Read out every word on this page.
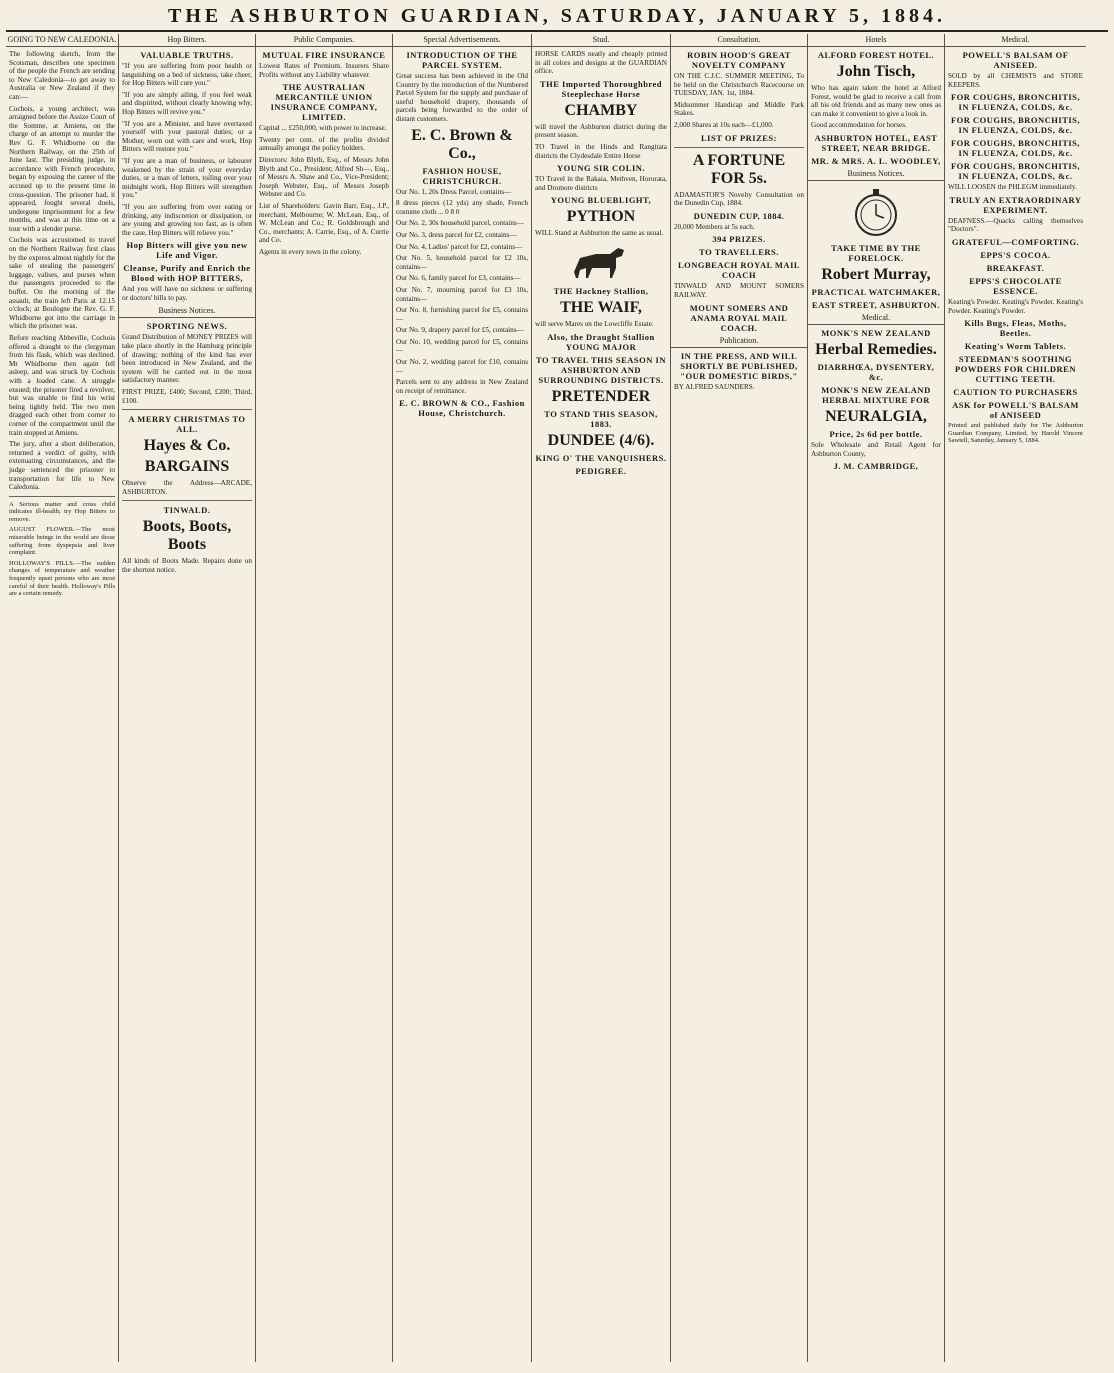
THE ASHBURTON GUARDIAN, SATURDAY, JANUARY 5, 1884.
GOING TO NEW CALEDONIA.

The following sketch, from the Scotsman, describes one specimen of the people the French are sending to New Caledonia—to get away to Australia or New Zealand if they can:—

Cochois, a young architect, was arraigned before the Assize Court of the Somme, at Amiens, on the charge of an attempt to murder the Rev G. F. Whidborne on the Northern Railway, on the 25th of June last. The presiding judge, in accordance with French procedure, began by exposing the career of the accused up to the present time in cross-question. The prisoner had, it appeared, fought several duels, undergone imprisonment for a few months, and was at this time on a tour with a slender purse.

Cochois was accustomed to travel on the Northern Railway first class by the express almost nightly for the sake of stealing the passengers' luggage, valises, and purses when the passengers proceeded to the buffet. On the morning of the assault, the train left Paris at 12.15 o'clock; at Boulogne the Rev. G. F. Whidborne got into the carriage in which the prisoner was.

Before reaching Abbeville, Cochois offered a draught to the clergyman from his flask, which was declined. Mr Whidborne then again fell asleep, and was struck by Cochois with a loaded cane. A struggle ensued; the prisoner fired a revolver, but was unable to find his wrist being tightly held. The two men dragged each other from corner to corner of the compartment until the train stopped at Amiens.

The jury, after a short deliberation, returned a verdict of guilty, with extenuating circumstances, and the judge sentenced the prisoner to transportation for life to New Caledonia.

A Serious matter and cross child indicates ill-health; try Hop Bitters to remove.

AUGUST FLOWER.—The most miserable beings in the world are those suffering from dyspepsia and liver complaint.

HOLLOWAY'S PILLS.—The sudden changes of temperature and weather frequently upset persons who are most careful of their health. Holloway's Pills are a certain remedy.

Hop Bitters.
VALUABLE TRUTHS.

"If you are suffering from poor health or languishing on a bed of sickness, take cheer, for Hop Bitters will cure you."

"If you are simply ailing, if you feel weak and dispirited, without clearly knowing why, Hop Bitters will revive you."

"If you are a Minister, and have overtaxed yourself with your pastoral duties; or a Mother, worn out with care and work, Hop Bitters will restore you."

"If you are a man of business, or labourer weakened by the strain of your everyday duties, or a man of letters, toiling over your midnight work, Hop Bitters will strengthen you."

"If you are suffering from over eating or drinking, any indiscretion or dissipation, or are young and growing too fast, as is often the case, Hop Bitters will relieve you."

Hop Bitters will give you new Life and Vigor.
Cleanse, Purify and Enrich the Blood with HOP BITTERS,

And you will have no sickness or suffering or doctors' bills to pay.

Business Notices.
SPORTING NEWS.

Grand Distribution of MONEY PRIZES will take place shortly in the Hamburg principle of drawing; nothing of the kind has ever been introduced in New Zealand, and the system will be carried out in the most satisfactory manner.

FIRST PRIZE, £400; Second, £200; Third, £100.

A MERRY CHRISTMAS TO ALL.
Hayes & Co.
BARGAINS

Observe the Address—ARCADE, ASHBURTON.

TINWALD.
Boots, Boots, Boots

All kinds of Boots Made. Repairs done on the shortest notice.

Public Companies.
MUTUAL FIRE INSURANCE

Lowest Rates of Premium. Insurers Share Profits without any Liability whatever.

THE AUSTRALIAN MERCANTILE UNION INSURANCE COMPANY, LIMITED.

Capital ... £250,000, with power to increase.

Twenty per cent. of the profits divided annually amongst the policy holders.

Directors: John Blyth, Esq., of Messrs John Blyth and Co., President; Alfred Sh—, Esq., of Messrs A. Shaw and Co., Vice-President; Joseph Webster, Esq., of Messrs Joseph Webster and Co.

List of Shareholders: Gavin Barr, Esq., J.P., merchant, Melbourne; W. McLean, Esq., of W. McLean and Co.; R. Goldsbrough and Co., merchants; A. Carrie, Esq., of A. Currie and Co.

Agents in every town in the colony.

Special Advertisements.
INTRODUCTION OF THE PARCEL SYSTEM.

Great success has been achieved in the Old Country by the introduction of the Numbered Parcel System for the supply and purchase of useful household drapery, thousands of parcels being forwarded to the order of distant customers.

E. C. Brown & Co.,
FASHION HOUSE, CHRISTCHURCH.

Our No. 1, 20s Dress Parcel, contains—

8 dress pieces (12 yds) any shade, French costume cloth ... 0 8 0

Our No. 2, 30s household parcel, contains—

Our No. 3, dress parcel for £2, contains—

Our No. 4, Ladies' parcel for £2, contains—

Our No. 5, household parcel for £2 10s, contains—

Our No. 6, family parcel for £3, contains—

Our No. 7, mourning parcel for £3 10s, contains—

Our No. 8, furnishing parcel for £5, contains—

Our No. 9, drapery parcel for £5, contains—

Our No. 10, wedding parcel for £5, contains—

Our No. 2, wedding parcel for £10, contains—

Parcels sent to any address in New Zealand on receipt of remittance.

E. C. BROWN & CO., Fashion House, Christchurch.
Stud.

HORSE CARDS neatly and cheaply printed in all colors and designs at the GUARDIAN office.

THE Imported Thoroughbred Steeplechase Horse
CHAMBY

will travel the Ashburton district during the present season.

TO Travel in the Hinds and Rangitata districts the Clydesdale Entire Horse

YOUNG SIR COLIN.

TO Travel in the Rakaia, Methven, Hororata, and Dromore districts

YOUNG BLUEBLIGHT,
PYTHON

WILL Stand at Ashburton the same as usual.

THE Hackney Stallion,
THE WAIF,

will serve Mares on the Lowcliffe Estate.

Also, the Draught Stallion YOUNG MAJOR
TO TRAVEL THIS SEASON IN ASHBURTON AND SURROUNDING DISTRICTS.
PRETENDER
TO STAND THIS SEASON, 1883.
DUNDEE (4/6).
KING O' THE VANQUISHERS.
PEDIGREE.
Consultation.
ROBIN HOOD'S GREAT NOVELTY COMPANY

ON THE C.J.C. SUMMER MEETING, To be held on the Christchurch Racecourse on TUESDAY, JAN. 1st, 1884.

Midsummer Handicap and Middle Park Stakes.

2,000 Shares at 10s each—£1,000.

LIST OF PRIZES:
A FORTUNE FOR 5s.

ADAMASTOR'S Novelty Consultation on the Dunedin Cup, 1884.

DUNEDIN CUP, 1884.

20,000 Members at 5s each.

394 PRIZES.
TO TRAVELLERS.
LONGBEACH ROYAL MAIL COACH

TINWALD AND MOUNT SOMERS RAILWAY.

MOUNT SOMERS AND ANAMA ROYAL MAIL COACH.
Publication.
IN THE PRESS, AND WILL SHORTLY BE PUBLISHED, "OUR DOMESTIC BIRDS,"

BY ALFRED SAUNDERS.

Hotels
ALFORD FOREST HOTEL.
John Tisch,

Who has again taken the hotel at Alford Forest, would be glad to receive a call from all his old friends and as many new ones as can make it convenient to give a look in.

Good accommodation for horses.

ASHBURTON HOTEL, EAST STREET, NEAR BRIDGE.
MR. & MRS. A. L. WOODLEY,
Business Notices.
TAKE TIME BY THE FORELOCK.
Robert Murray,
PRACTICAL WATCHMAKER,
EAST STREET, ASHBURTON.
Medical.
MONK'S NEW ZEALAND
Herbal Remedies.
DIARRHŒA, DYSENTERY, &c.
MONK'S NEW ZEALAND HERBAL MIXTURE FOR
NEURALGIA,
Price, 2s 6d per bottle.

Sole Wholesale and Retail Agent for Ashburton County,

J. M. CAMBRIDGE,
Medical.
POWELL'S BALSAM OF ANISEED.

SOLD by all CHEMISTS and STORE KEEPERS.

FOR COUGHS, BRONCHITIS, IN FLUENZA, COLDS, &c.
FOR COUGHS, BRONCHITIS, IN FLUENZA, COLDS, &c.
FOR COUGHS, BRONCHITIS, IN FLUENZA, COLDS, &c.
FOR COUGHS, BRONCHITIS, IN FLUENZA, COLDS, &c.

WILL LOOSEN the PHLEGM immediately.

TRULY AN EXTRAORDINARY EXPERIMENT.

DEAFNESS.—Quacks calling themselves "Doctors".

GRATEFUL—COMFORTING.
EPPS'S COCOA.
BREAKFAST.
EPPS'S CHOCOLATE ESSENCE.

Keating's Powder. Keating's Powder. Keating's Powder. Keating's Powder.

Kills Bugs, Fleas, Moths, Beetles.
Keating's Worm Tablets.
STEEDMAN'S SOOTHING POWDERS FOR CHILDREN CUTTING TEETH.
CAUTION TO PURCHASERS
ASK for POWELL'S BALSAM of ANISEED

Printed and published daily for The Ashburton Guardian Company, Limited, by Harold Vincent Sawtell, Saturday, January 5, 1884.
